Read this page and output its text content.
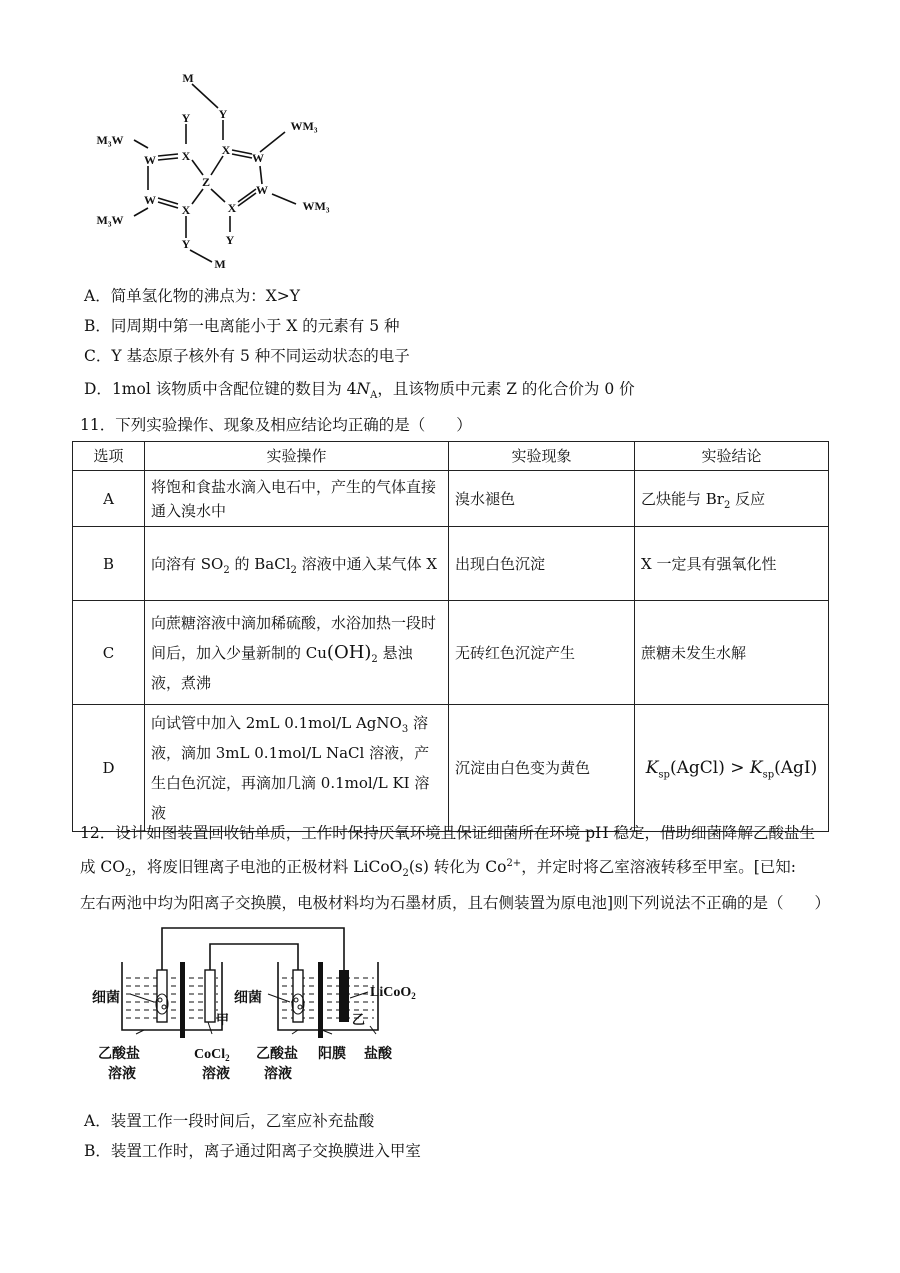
M
Y
Y
X	X
W	W
W
W
X	X
Y	Y
M
Z
M₃W
M₃W
WM₃
WM₃
A．简单氢化物的沸点为：X>Y
B．同周期中第一电离能小于 X 的元素有 5 种
C．Y 基态原子核外有 5 种不同运动状态的电子
D．1mol 该物质中含配位键的数目为 $4N_A$，且该物质中元素 Z 的化合价为 0 价
11．下列实验操作、现象及相应结论均正确的是（　　）
选项	实验操作	实验现象	实验结论
A	将饱和食盐水滴入电石中，产生的气体直接通入溴水中	溴水褪色	乙炔能与 $Br_2$ 反应
B	向溶有 $SO_2$ 的 BaCl$_2$ 溶液中通入某气体 X	出现白色沉淀	X 一定具有强氧化性
C	向蔗糖溶液中滴加稀硫酸，水浴加热一段时间后，加入少量新制的 $Cu(OH)_2$ 悬浊液，煮沸	无砖红色沉淀产生	蔗糖未发生水解
D	向试管中加入 2mL 0.1mol/L AgNO$_3$ 溶液，滴加 3mL 0.1mol/L NaCl 溶液，产生白色沉淀，再滴加几滴 0.1mol/L KI 溶液	沉淀由白色变为黄色	$K_{sp}(AgCl) > K_{sp}(AgI)$
12．设计如图装置回收钴单质，工作时保持厌氧环境且保证细菌所在环境 pH 稳定，借助细菌降解乙酸盐生
成 $CO_2$，将废旧锂离子电池的正极材料 LiCoO$_2$(s) 转化为 $Co^{2+}$，并定时将乙室溶液转移至甲室。[已知:
左右两池中均为阳离子交换膜，电极材料均为石墨材质，且右侧装置为原电池]则下列说法不正确的是（　　）
细菌	细菌	LiCoO$_2$
甲	乙
乙酸盐
溶液
CoCl$_2$
溶液
乙酸盐
溶液
阳膜 盐酸
A．装置工作一段时间后，乙室应补充盐酸
B．装置工作时，离子通过阳离子交换膜进入甲室
